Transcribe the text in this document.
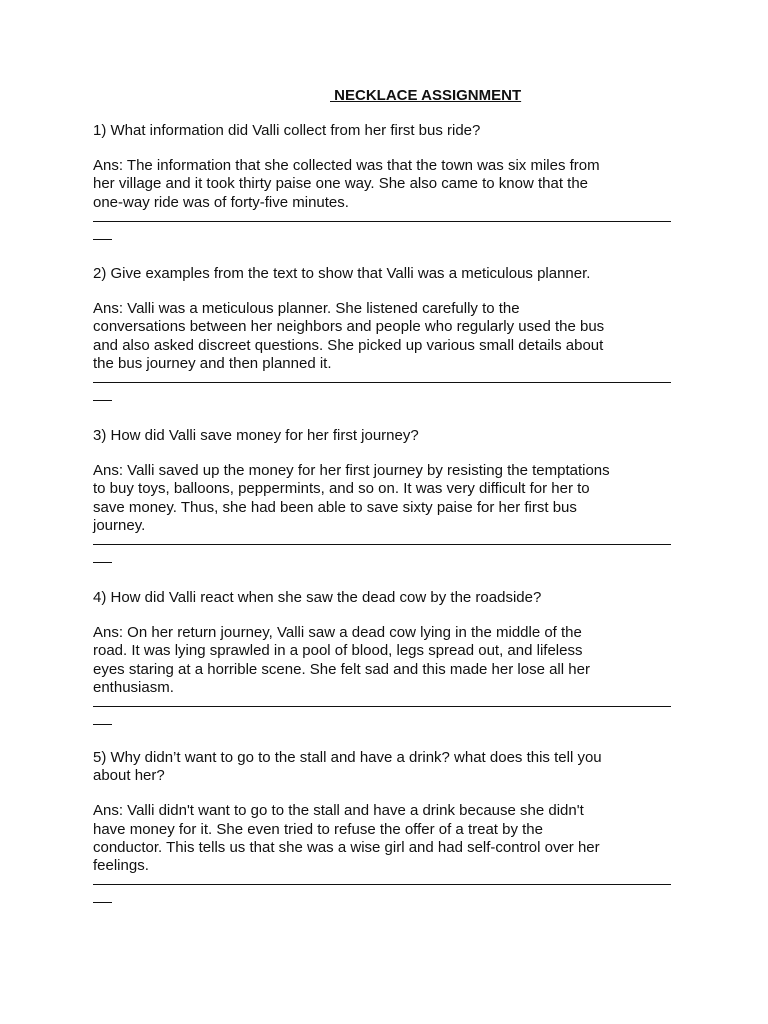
NECKLACE ASSIGNMENT

1) What information did Valli collect from her first bus ride?

Ans: The information that she collected was that the town was six miles from
her village and it took thirty paise one way. She also came to know that the
one-way ride was of forty-five minutes.

2) Give examples from the text to show that Valli was a meticulous planner.

Ans: Valli was a meticulous planner. She listened carefully to the
conversations between her neighbors and people who regularly used the bus
and also asked discreet questions. She picked up various small details about
the bus journey and then planned it.

3) How did Valli save money for her first journey?

Ans: Valli saved up the money for her first journey by resisting the temptations
to buy toys, balloons, peppermints, and so on. It was very difficult for her to
save money. Thus, she had been able to save sixty paise for her first bus
journey.

4) How did Valli react when she saw the dead cow by the roadside?

Ans: On her return journey, Valli saw a dead cow lying in the middle of the
road. It was lying sprawled in a pool of blood, legs spread out, and lifeless
eyes staring at a horrible scene. She felt sad and this made her lose all her
enthusiasm.

5) Why didn’t want to go to the stall and have a drink? what does this tell you
about her?

Ans: Valli didn't want to go to the stall and have a drink because she didn't
have money for it. She even tried to refuse the offer of a treat by the
conductor. This tells us that she was a wise girl and had self-control over her
feelings.
